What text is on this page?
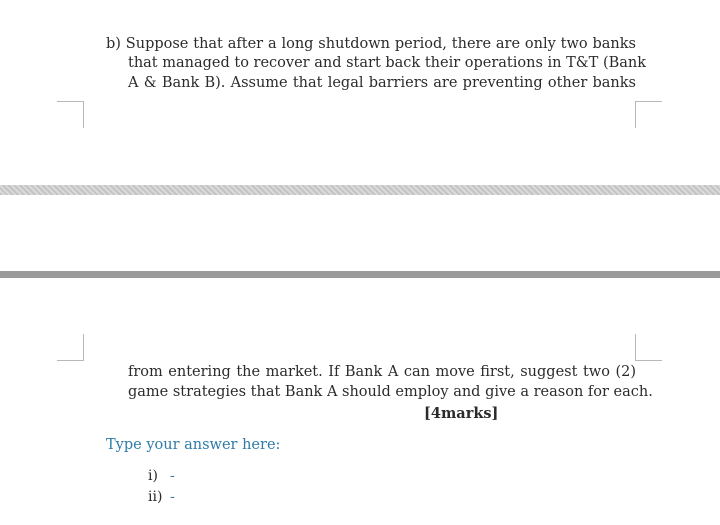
b) Suppose that after a long shutdown period, there are only two banks
that managed to recover and start back their operations in T&T (Bank
A & Bank B). Assume that legal barriers are preventing other banks
from entering the market. If Bank A can move first, suggest two (2)
game strategies that Bank A should employ and give a reason for each.
[4marks]
Type your answer here:
i) -
ii) -
